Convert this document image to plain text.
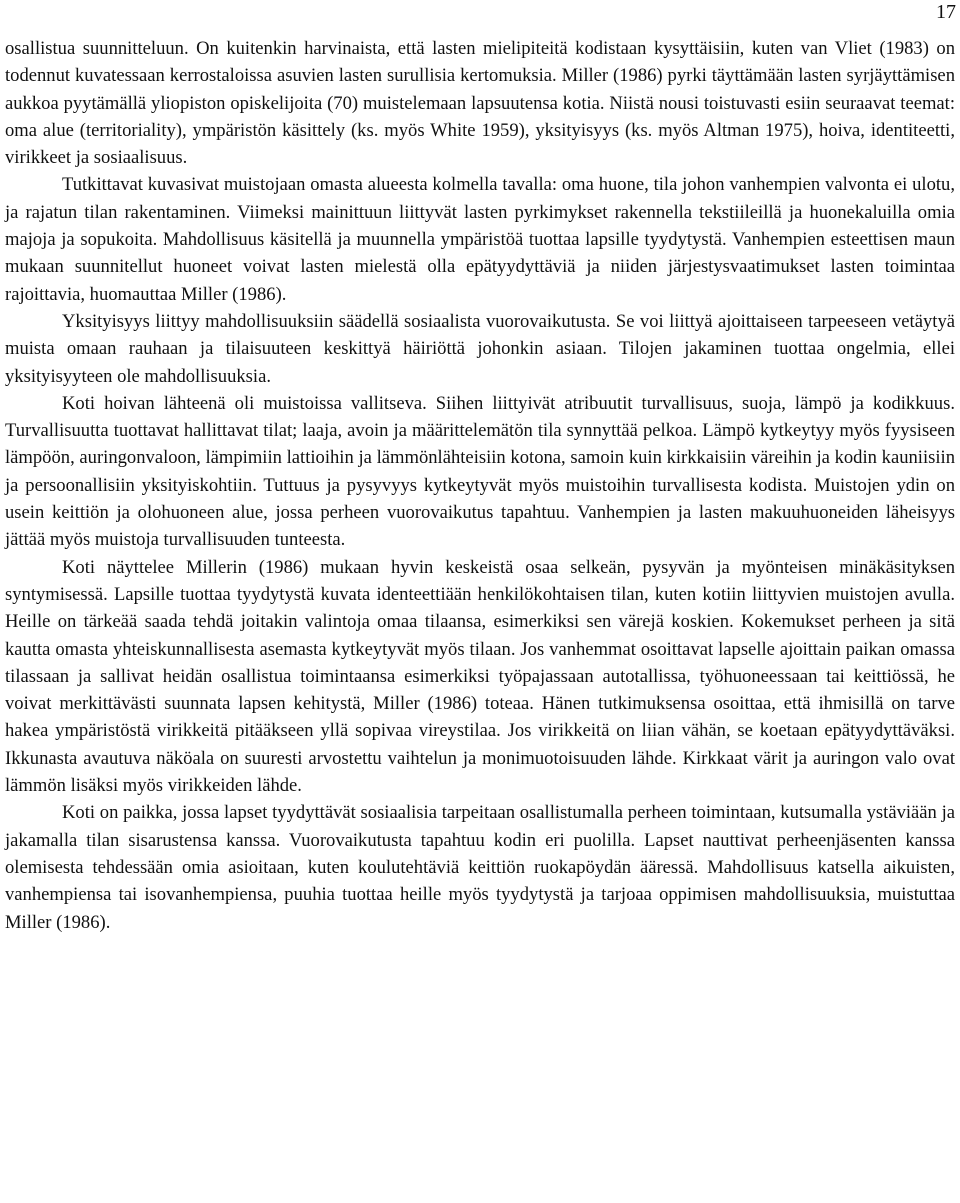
17

osallistua suunnitteluun. On kuitenkin harvinaista, että lasten mielipiteitä kodistaan kysyttäisiin, kuten van Vliet (1983) on todennut kuvatessaan kerrostaloissa asuvien lasten surullisia kertomuksia. Miller (1986) pyrki täyttämään lasten syrjäyttämisen aukkoa pyytämällä yliopiston opiskelijoita (70) muistelemaan lapsuutensa kotia. Niistä nousi toistuvasti esiin seuraavat teemat: oma alue (territoriality), ympäristön käsittely (ks. myös White 1959), yksityisyys (ks. myös Altman 1975), hoiva, identiteetti, virikkeet ja sosiaalisuus.

Tutkittavat kuvasivat muistojaan omasta alueesta kolmella tavalla: oma huone, tila johon vanhempien valvonta ei ulotu, ja rajatun tilan rakentaminen. Viimeksi mainittuun liittyvät lasten pyrkimykset rakennella tekstiileillä ja huonekaluilla omia majoja ja sopukoita. Mahdollisuus käsitellä ja muunnella ympäristöä tuottaa lapsille tyydytystä. Vanhempien esteettisen maun mukaan suunnitellut huoneet voivat lasten mielestä olla epätyydyttäviä ja niiden järjestysvaatimukset lasten toimintaa rajoittavia, huomauttaa Miller (1986).

Yksityisyys liittyy mahdollisuuksiin säädellä sosiaalista vuorovaikutusta. Se voi liittyä ajoittaiseen tarpeeseen vetäytyä muista omaan rauhaan ja tilaisuuteen keskittyä häiriöttä johonkin asiaan. Tilojen jakaminen tuottaa ongelmia, ellei yksityisyyteen ole mahdollisuuksia.

Koti hoivan lähteenä oli muistoissa vallitseva. Siihen liittyivät atribuutit turvallisuus, suoja, lämpö ja kodikkuus. Turvallisuutta tuottavat hallittavat tilat; laaja, avoin ja määrittelemätön tila synnyttää pelkoa. Lämpö kytkeytyy myös fyysiseen lämpöön, auringonvaloon, lämpimiin lattioihin ja lämmönlähteisiin kotona, samoin kuin kirkkaisiin väreihin ja kodin kauniisiin ja persoonallisiin yksityiskohtiin. Tuttuus ja pysyvyys kytkeytyvät myös muistoihin turvallisesta kodista. Muistojen ydin on usein keittiön ja olohuoneen alue, jossa perheen vuorovaikutus tapahtuu. Vanhempien ja lasten makuuhuoneiden läheisyys jättää myös muistoja turvallisuuden tunteesta.

Koti näyttelee Millerin (1986) mukaan hyvin keskeistä osaa selkeän, pysyvän ja myönteisen minäkäsityksen syntymisessä. Lapsille tuottaa tyydytystä kuvata identeettiään henkilökohtaisen tilan, kuten kotiin liittyvien muistojen avulla. Heille on tärkeää saada tehdä joitakin valintoja omaa tilaansa, esimerkiksi sen värejä koskien. Kokemukset perheen ja sitä kautta omasta yhteiskunnallisesta asemasta kytkeytyvät myös tilaan. Jos vanhemmat osoittavat lapselle ajoittain paikan omassa tilassaan ja sallivat heidän osallistua toimintaansa esimerkiksi työpajassaan autotallissa, työhuoneessaan tai keittiössä, he voivat merkittävästi suunnata lapsen kehitystä, Miller (1986) toteaa. Hänen tutkimuksensa osoittaa, että ihmisillä on tarve hakea ympäristöstä virikkeitä pitääkseen yllä sopivaa vireystilaa. Jos virikkeitä on liian vähän, se koetaan epätyydyttäväksi. Ikkunasta avautuva näköala on suuresti arvostettu vaihtelun ja monimuotoisuuden lähde. Kirkkaat värit ja auringon valo ovat lämmön lisäksi myös virikkeiden lähde.

Koti on paikka, jossa lapset tyydyttävät sosiaalisia tarpeitaan osallistumalla perheen toimintaan, kutsumalla ystäviään ja jakamalla tilan sisarustensa kanssa. Vuorovaikutusta tapahtuu kodin eri puolilla. Lapset nauttivat perheenjäsenten kanssa olemisesta tehdessään omia asioitaan, kuten koulutehtäviä keittiön ruokapöydän ääressä. Mahdollisuus katsella aikuisten, vanhempiensa tai isovanhempiensa, puuhia tuottaa heille myös tyydytystä ja tarjoaa oppimisen mahdollisuuksia, muistuttaa Miller (1986).
